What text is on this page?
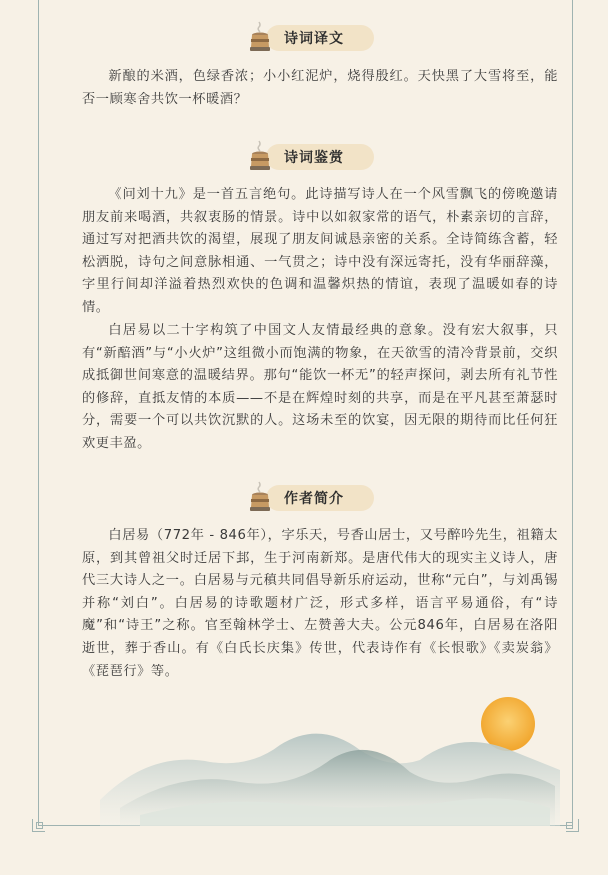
诗词译文
新酿的米酒，色绿香浓；小小红泥炉，烧得殷红。天快黑了大雪将至，能否一顾寒舍共饮一杯暖酒？
诗词鉴赏
《问刘十九》是一首五言绝句。此诗描写诗人在一个风雪飘飞的傍晚邀请朋友前来喝酒，共叙衷肠的情景。诗中以如叙家常的语气，朴素亲切的言辞，通过写对把酒共饮的渴望，展现了朋友间诚恳亲密的关系。全诗简练含蓄，轻松洒脱，诗句之间意脉相通、一气贯之；诗中没有深远寄托，没有华丽辞藻，字里行间却洋溢着热烈欢快的色调和温馨炽热的情谊，表现了温暖如春的诗情。
白居易以二十字构筑了中国文人友情最经典的意象。没有宏大叙事，只有“新醅酒”与“小火炉”这组微小而饱满的物象，在天欲雪的清冷背景前，交织成抵御世间寒意的温暖结界。那句“能饮一杯无”的轻声探问，剥去所有礼节性的修辞，直抵友情的本质——不是在辉煌时刻的共享，而是在平凡甚至萧瑟时分，需要一个可以共饮沉默的人。这场未至的饮宴，因无限的期待而比任何狂欢更丰盈。
作者简介
白居易（772年 - 846年），字乐天，号香山居士，又号醉吟先生，祖籍太原，到其曾祖父时迁居下邽，生于河南新郑。是唐代伟大的现实主义诗人，唐代三大诗人之一。白居易与元稹共同倡导新乐府运动，世称“元白”，与刘禹锡并称“刘白”。白居易的诗歌题材广泛，形式多样，语言平易通俗，有“诗魔”和“诗王”之称。官至翰林学士、左赞善大夫。公元846年，白居易在洛阳逝世，葬于香山。有《白氏长庆集》传世，代表诗作有《长恨歌》《卖炭翁》《琵琶行》等。
